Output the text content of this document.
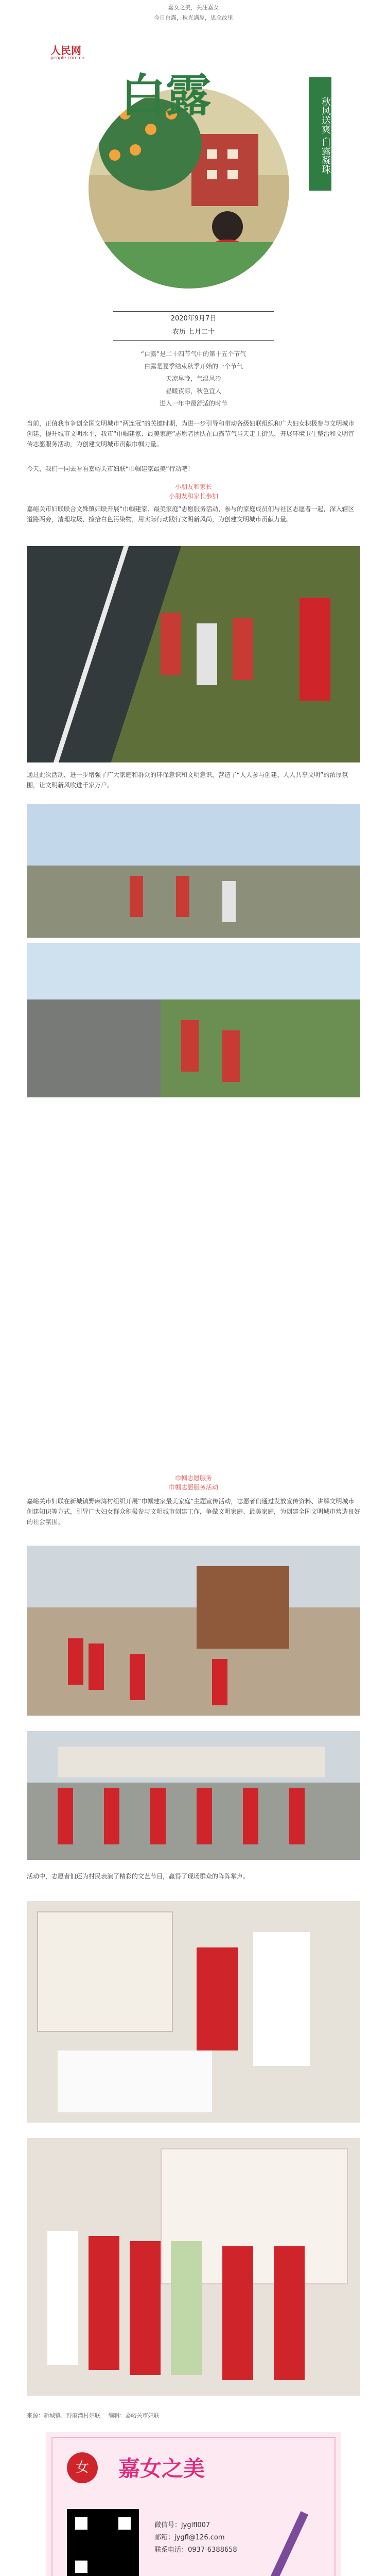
嘉女之美，关注嘉女
今日白露，秋光满屋，思念故里
人民网
people.com.cn
白露
秋风送爽 白露凝珠
2020年9月7日
农历 七月二十
“白露”是二十四节气中的第十五个节气
白露是夏季结束秋季开始的一个节气
天凉早晚，气温风冷
昼暖夜凉，秋色宜人
进入一年中最舒适的时节
当前，正值我市争创全国文明城市“两连冠”的关键时期，为进一步引导和带动各级妇联组织和广大妇女积极参与文明城市创建，提升城市文明水平，我市“巾帼建家、最美家庭”志愿者团队在白露节气当天走上街头，开展环境卫生整治和文明宣传志愿服务活动，为创建文明城市贡献巾帼力量。
今天，我们一同去看看嘉峪关市妇联“巾帼建家最美”行动吧！
小朋友和家长
小朋友和家长参加
嘉峪关市妇联联合文殊镇妇联开展“巾帼建家、最美家庭”志愿服务活动，参与的家庭成员们与社区志愿者一起，深入辖区道路两旁，清理垃圾、捡拾白色污染物，用实际行动践行文明新风尚，为创建文明城市贡献力量。
通过此次活动，进一步增强了广大家庭和群众的环保意识和文明意识，营造了“人人参与创建、人人共享文明”的浓厚氛围，让文明新风吹进千家万户。
巾帼志愿服务
巾帼志愿服务活动
嘉峪关市妇联在新城镇野麻湾村组织开展“巾帼建家最美家庭”主题宣传活动，志愿者们通过发放宣传资料、讲解文明城市创建知识等方式，引导广大妇女群众积极参与文明城市创建工作，争做文明家庭、最美家庭，为创建全国文明城市营造良好的社会氛围。
活动中，志愿者们还为村民表演了精彩的文艺节目，赢得了现场群众的阵阵掌声。
来源：新城镇、野麻湾村妇联 编辑：嘉峪关市妇联
女	嘉女之美
微信号：jyglfl007
邮箱：jygfl@126.com
联系电话：0937-6388658
